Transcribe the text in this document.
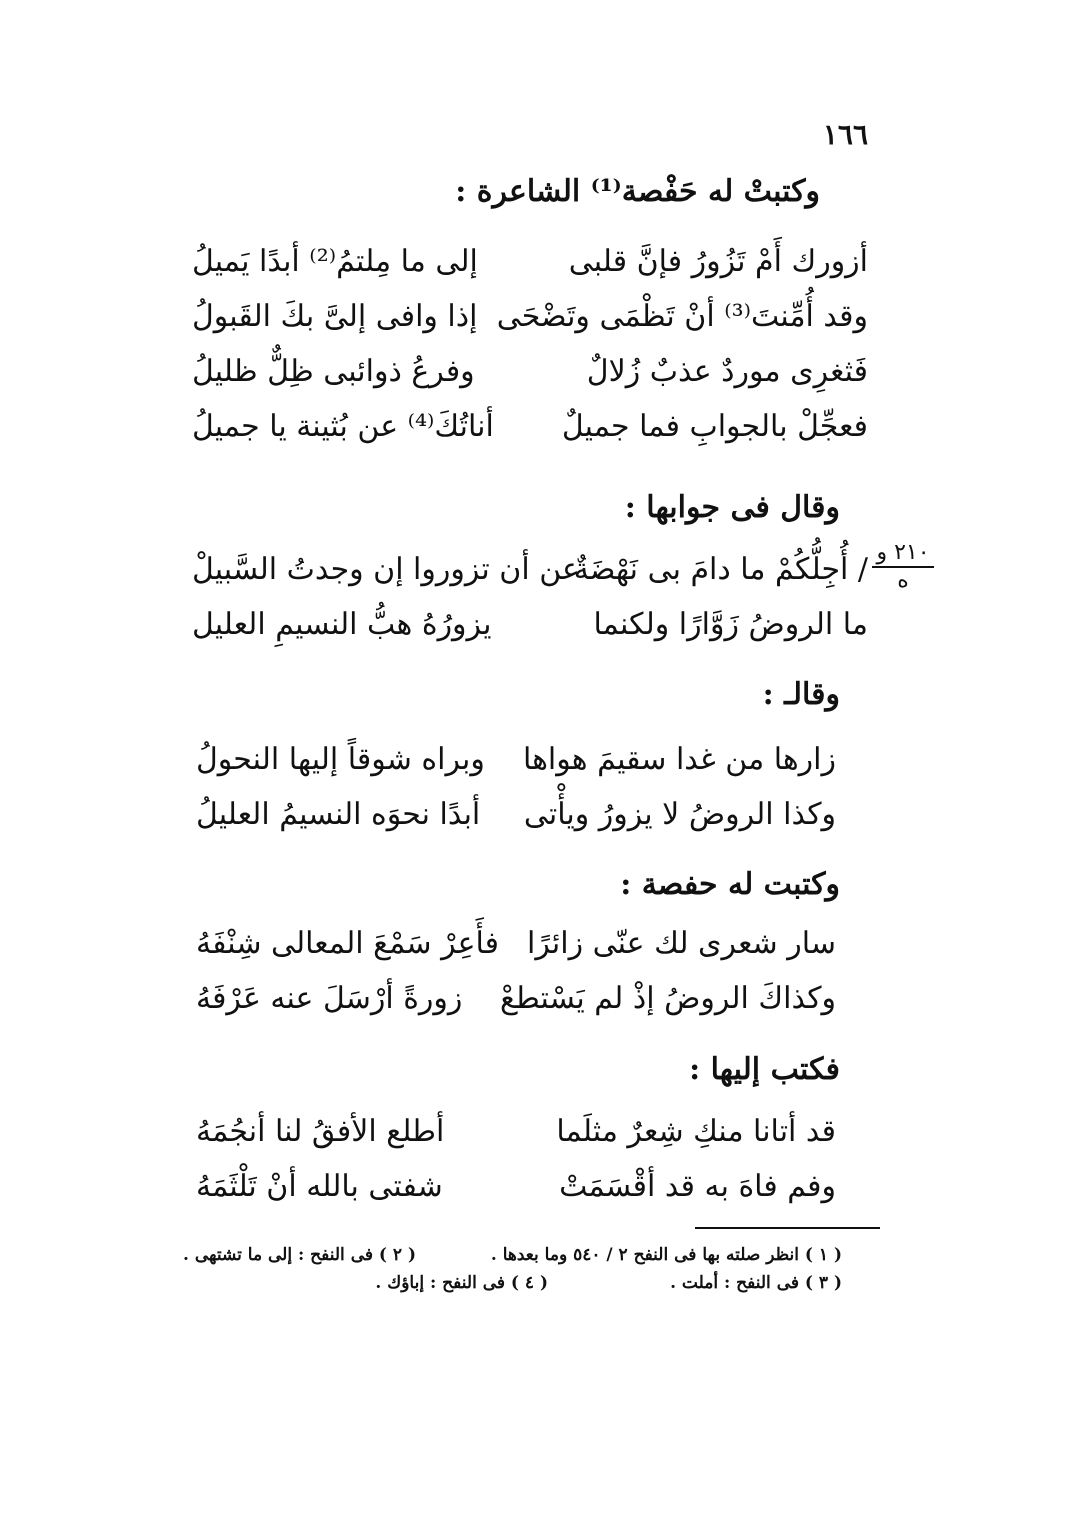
١٦٦
وكتبتْ له حَفْصة⁽¹⁾ الشاعرة :
أزورك أَمْ تَزُورُ فإنَّ قلبى
إلى ما مِلتمُ⁽²⁾ أبدًا يَميلُ
وقد أُمِّنتَ⁽³⁾ أنْ تَظْمَى وتَضْحَى
إذا وافى إلىَّ بكَ القَبولُ
فَثغرِى موردٌ عذبٌ زُلالٌ
وفرعُ ذوائبى ظِلٌّ ظليلُ
فعجِّلْ بالجوابِ فما جميلٌ
أناتُكَ⁽⁴⁾ عن بُثينة يا جميلُ
وقال فى جوابها :
٢١٠ و
ه
/ أُجِلُّكُمْ ما دامَ بى نَهْضَةٌ
عن أن تزوروا إن وجدتُ السَّبيلْ
ما الروضُ زَوَّارًا ولكنما
يزورُهُ هبُّ النسيمِ العليل
وقالـ :
زارها من غدا سقيمَ هواها
وبراه شوقاً إليها النحولُ
وكذا الروضُ لا يزورُ ويأْتى
أبدًا نحوَه النسيمُ العليلُ
وكتبت له حفصة :
سار شعرى لك عنّى زائرًا
فأَعِرْ سَمْعَ المعالى شِنْفَهُ
وكذاكَ الروضُ إذْ لم يَسْتطعْ
زورةً أرْسَلَ عنه عَرْفَهُ
فكتب إليها :
قد أتانا منكِ شِعرٌ مثلَما
أطلع الأفقُ لنا أنجُمَهُ
وفم فاهَ به قد أقْسَمَتْ
شفتى بالله أنْ تَلْثَمَهُ
( ١ ) انظر صلته بها فى النفح ٢ / ٥٤٠ وما بعدها .
( ٢ ) فى النفح : إلى ما تشتهى .
( ٣ ) فى النفح : أملت .
( ٤ ) فى النفح : إباؤك .
